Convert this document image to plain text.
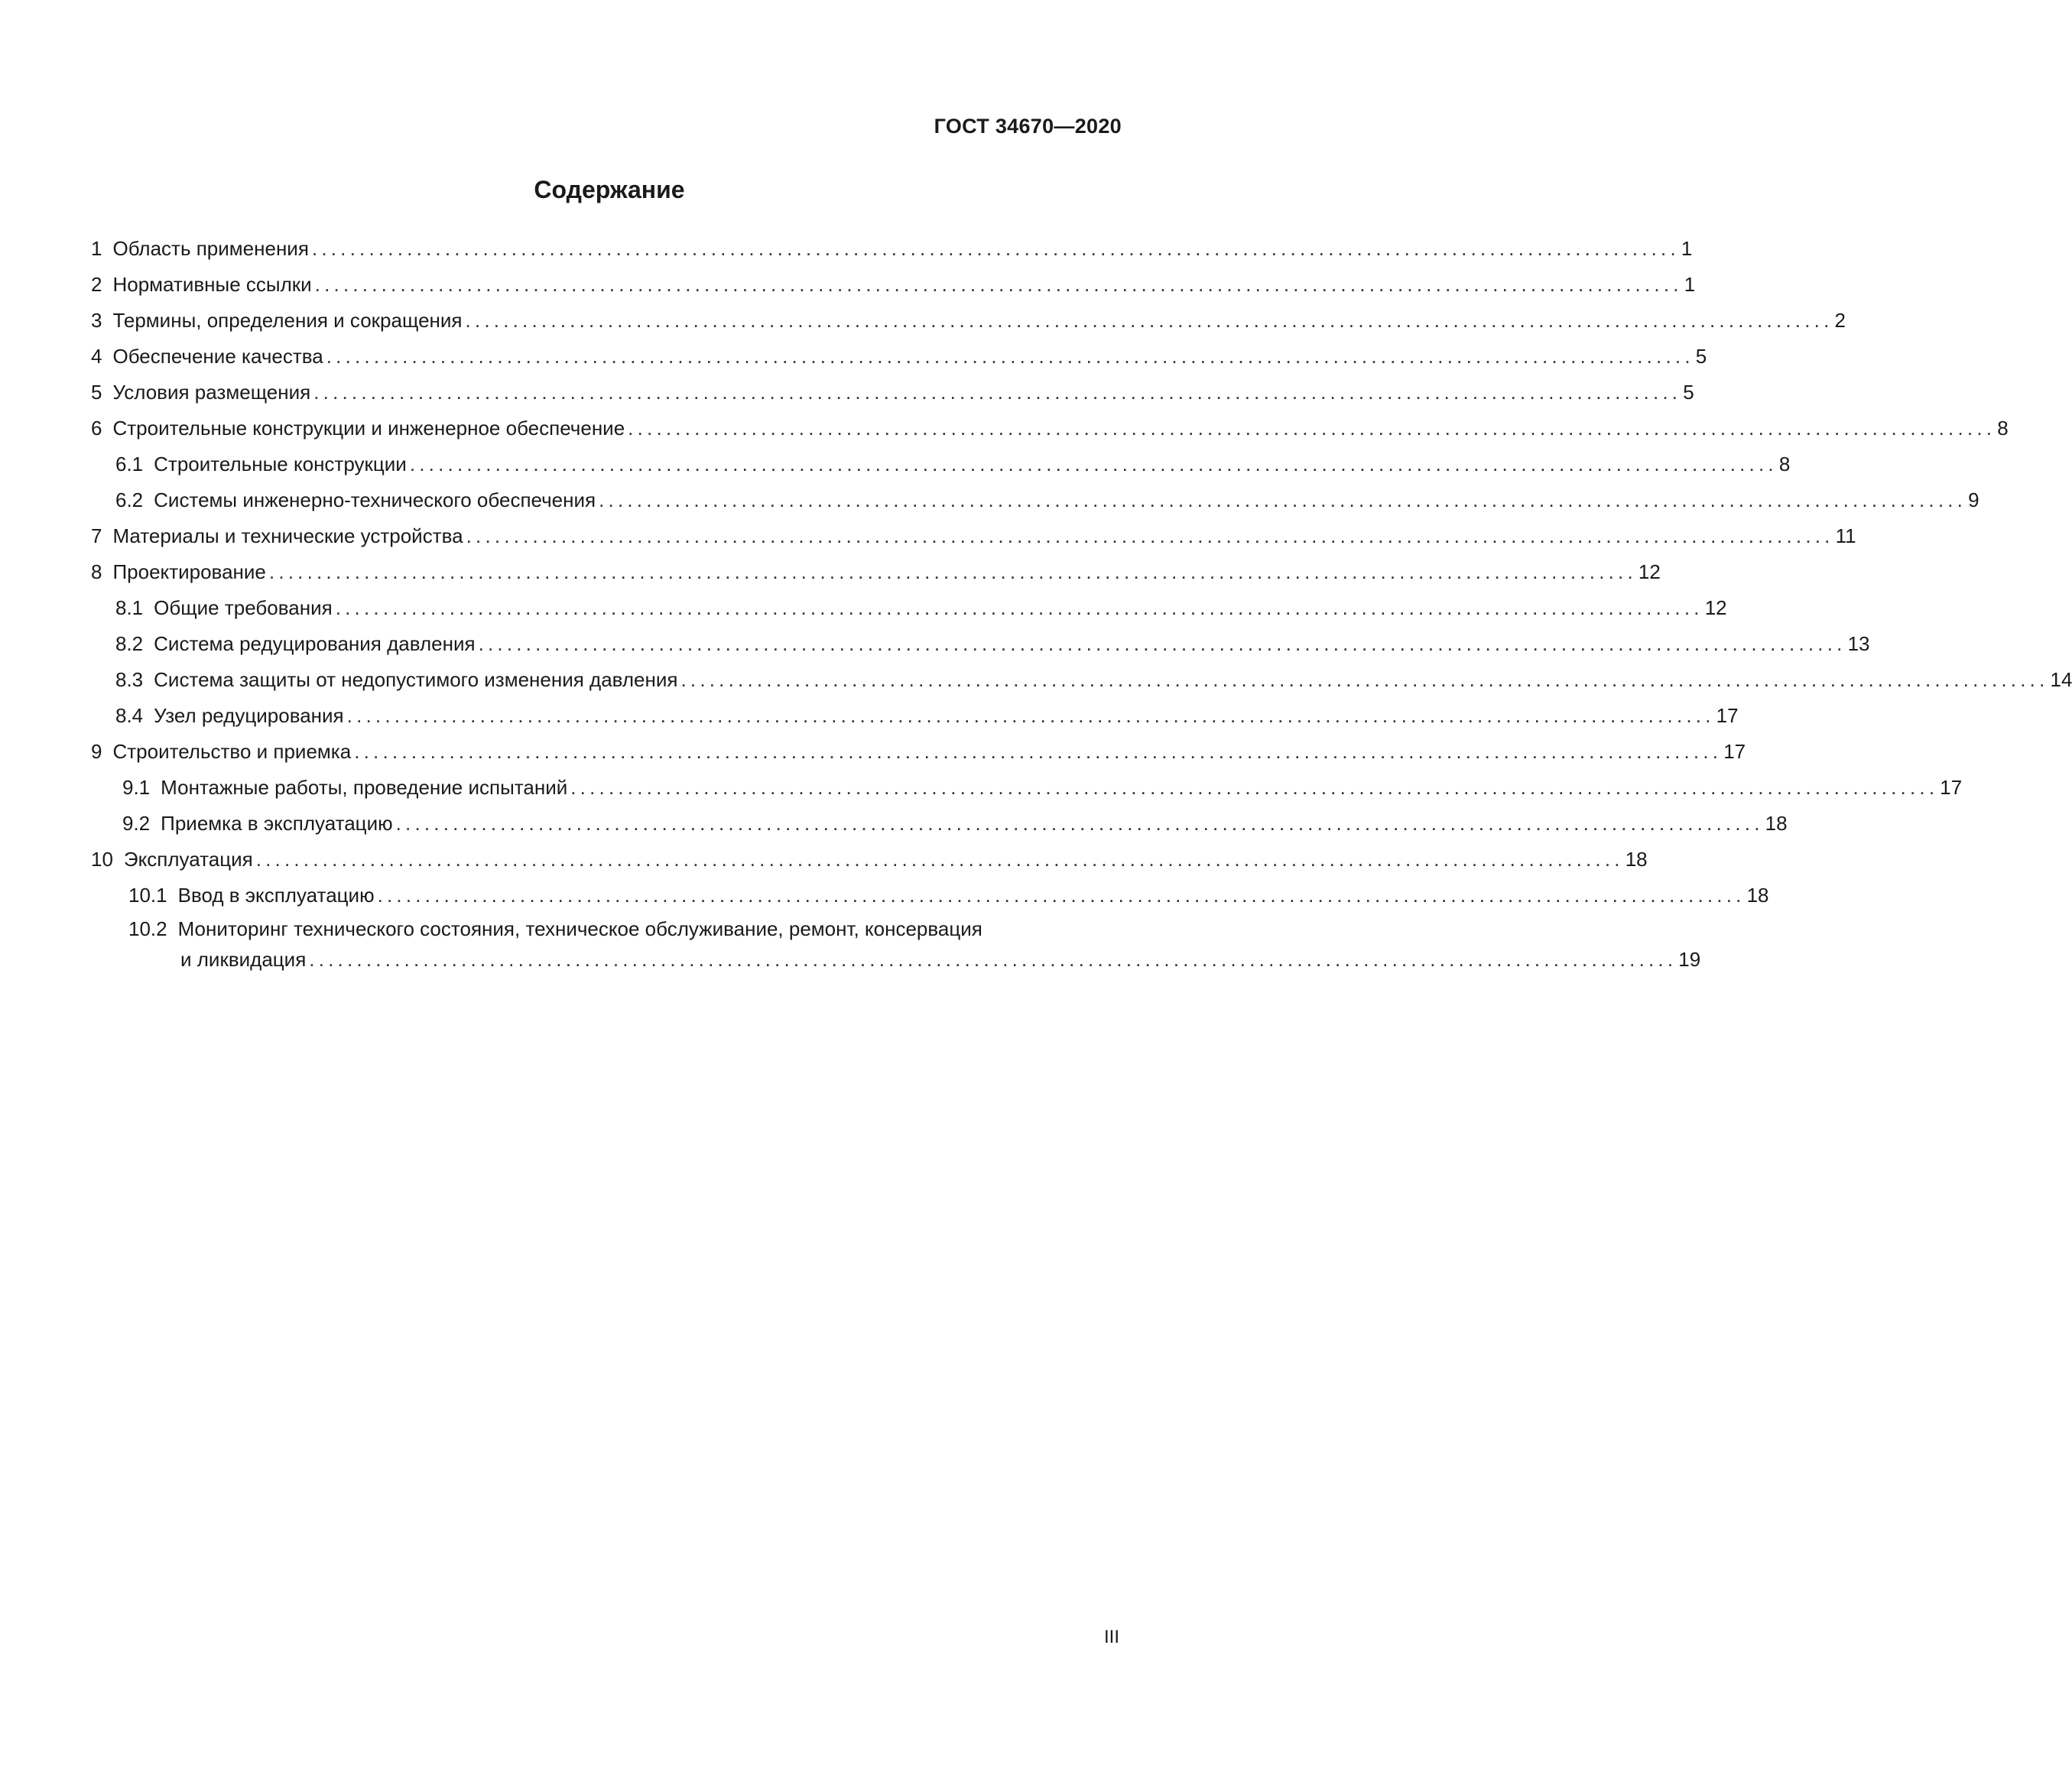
ГОСТ 34670—2020
Содержание
1 Область применения ................................................................................................................................................ 1
2 Нормативные ссылки ................................................................................................................................................ 1
3 Термины, определения и сокращения ................................................................................................................................................ 2
4 Обеспечение качества ................................................................................................................................................ 5
5 Условия размещения ................................................................................................................................................ 5
6 Строительные конструкции и инженерное обеспечение ................................................................................................................................................ 8
6.1 Строительные конструкции ................................................................................................................................................ 8
6.2 Системы инженерно-технического обеспечения ................................................................................................................................................ 9
7 Материалы и технические устройства ................................................................................................................................................ 11
8 Проектирование ................................................................................................................................................ 12
8.1 Общие требования ................................................................................................................................................ 12
8.2 Система редуцирования давления ................................................................................................................................................ 13
8.3 Система защиты от недопустимого изменения давления ................................................................................................................................................ 14
8.4 Узел редуцирования ................................................................................................................................................ 17
9 Строительство и приемка ................................................................................................................................................ 17
9.1 Монтажные работы, проведение испытаний ................................................................................................................................................ 17
9.2 Приемка в эксплуатацию ................................................................................................................................................ 18
10 Эксплуатация ................................................................................................................................................ 18
10.1 Ввод в эксплуатацию ................................................................................................................................................ 18
10.2 Мониторинг технического состояния, техническое обслуживание, ремонт, консервация
и ликвидация ................................................................................................................................................ 19
III
